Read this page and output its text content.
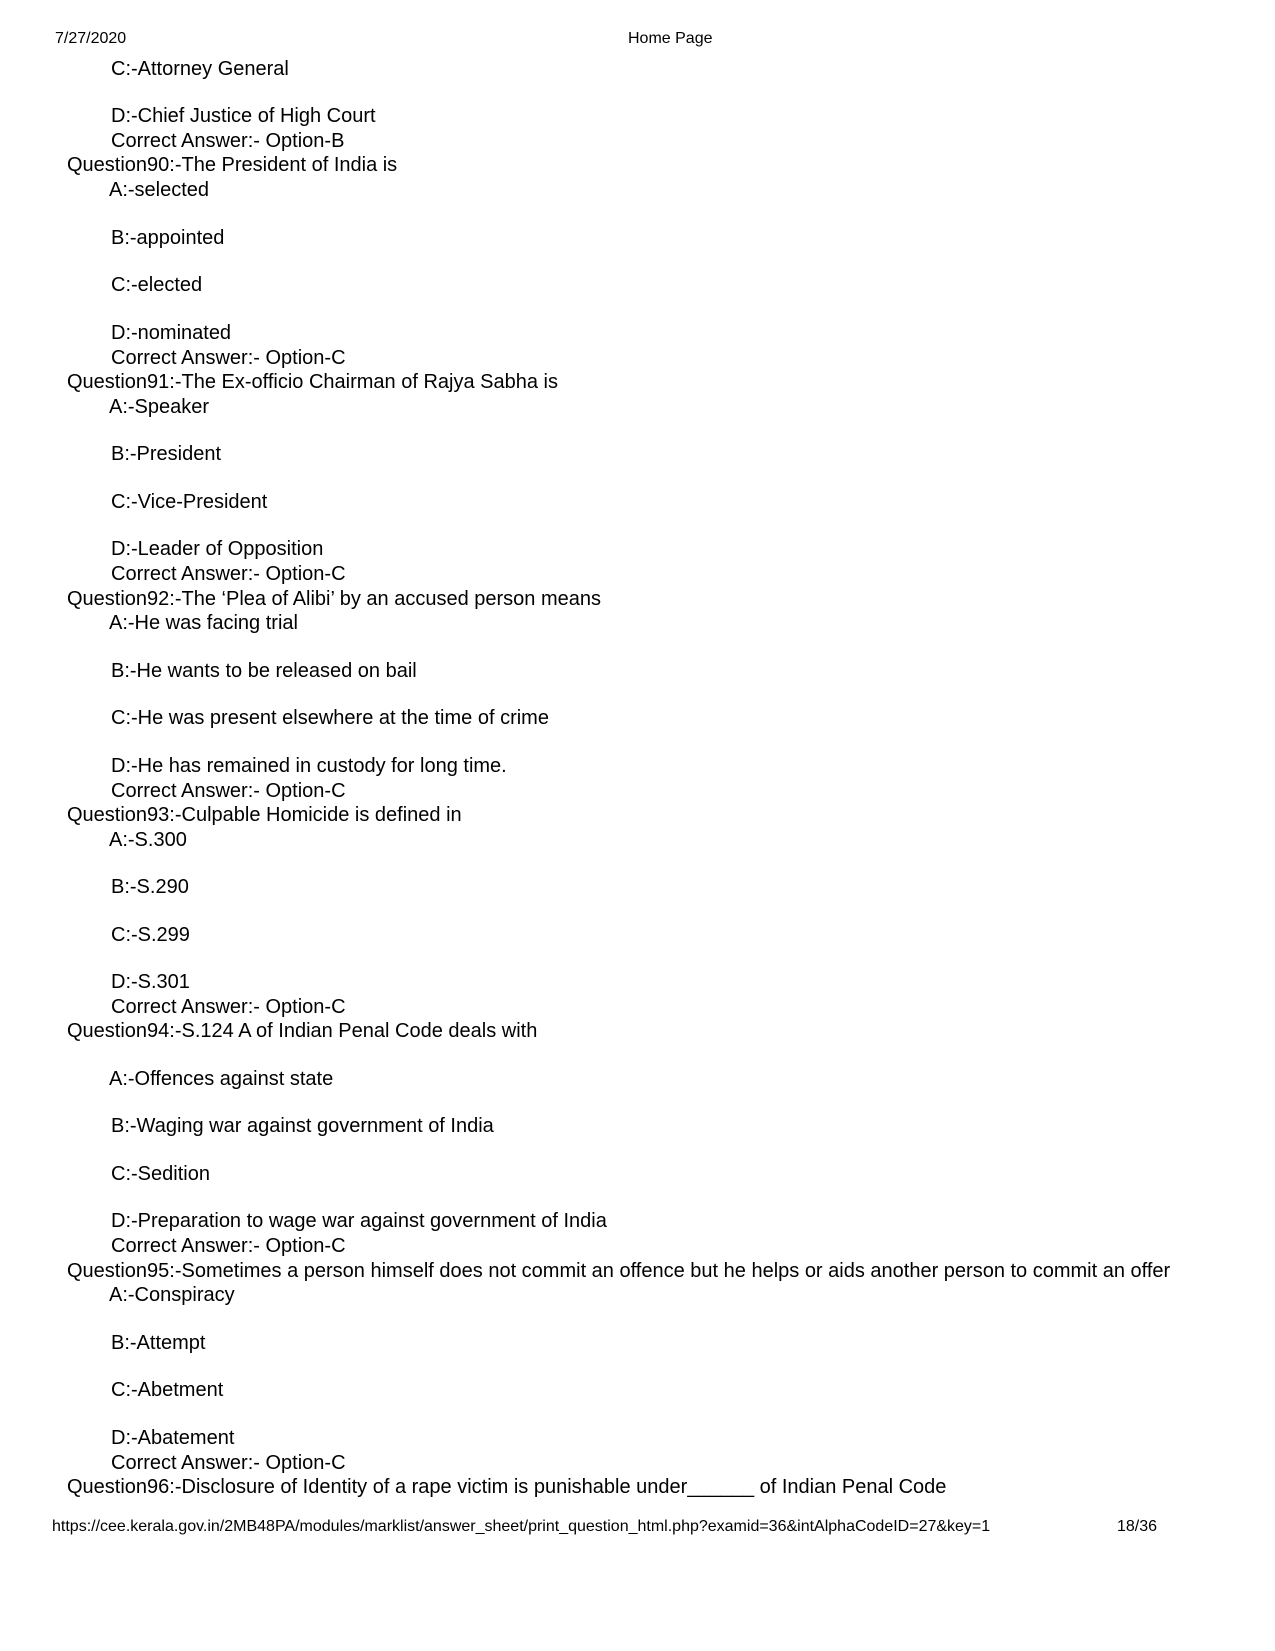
7/27/2020	Home Page
C:-Attorney General
D:-Chief Justice of High Court
Correct Answer:- Option-B
Question90:-The President of India is
A:-selected
B:-appointed
C:-elected
D:-nominated
Correct Answer:- Option-C
Question91:-The Ex-officio Chairman of Rajya Sabha is
A:-Speaker
B:-President
C:-Vice-President
D:-Leader of Opposition
Correct Answer:- Option-C
Question92:-The ‘Plea of Alibi’ by an accused person means
A:-He was facing trial
B:-He wants to be released on bail
C:-He was present elsewhere at the time of crime
D:-He has remained in custody for long time.
Correct Answer:- Option-C
Question93:-Culpable Homicide is defined in
A:-S.300
B:-S.290
C:-S.299
D:-S.301
Correct Answer:- Option-C
Question94:-S.124 A of Indian Penal Code deals with
A:-Offences against state
B:-Waging war against government of India
C:-Sedition
D:-Preparation to wage war against government of India
Correct Answer:- Option-C
Question95:-Sometimes a person himself does not commit an offence but he helps or aids another person to commit an offer
A:-Conspiracy
B:-Attempt
C:-Abetment
D:-Abatement
Correct Answer:- Option-C
Question96:-Disclosure of Identity of a rape victim is punishable under______ of Indian Penal Code
https://cee.kerala.gov.in/2MB48PA/modules/marklist/answer_sheet/print_question_html.php?examid=36&intAlphaCodeID=27&key=1	18/36
